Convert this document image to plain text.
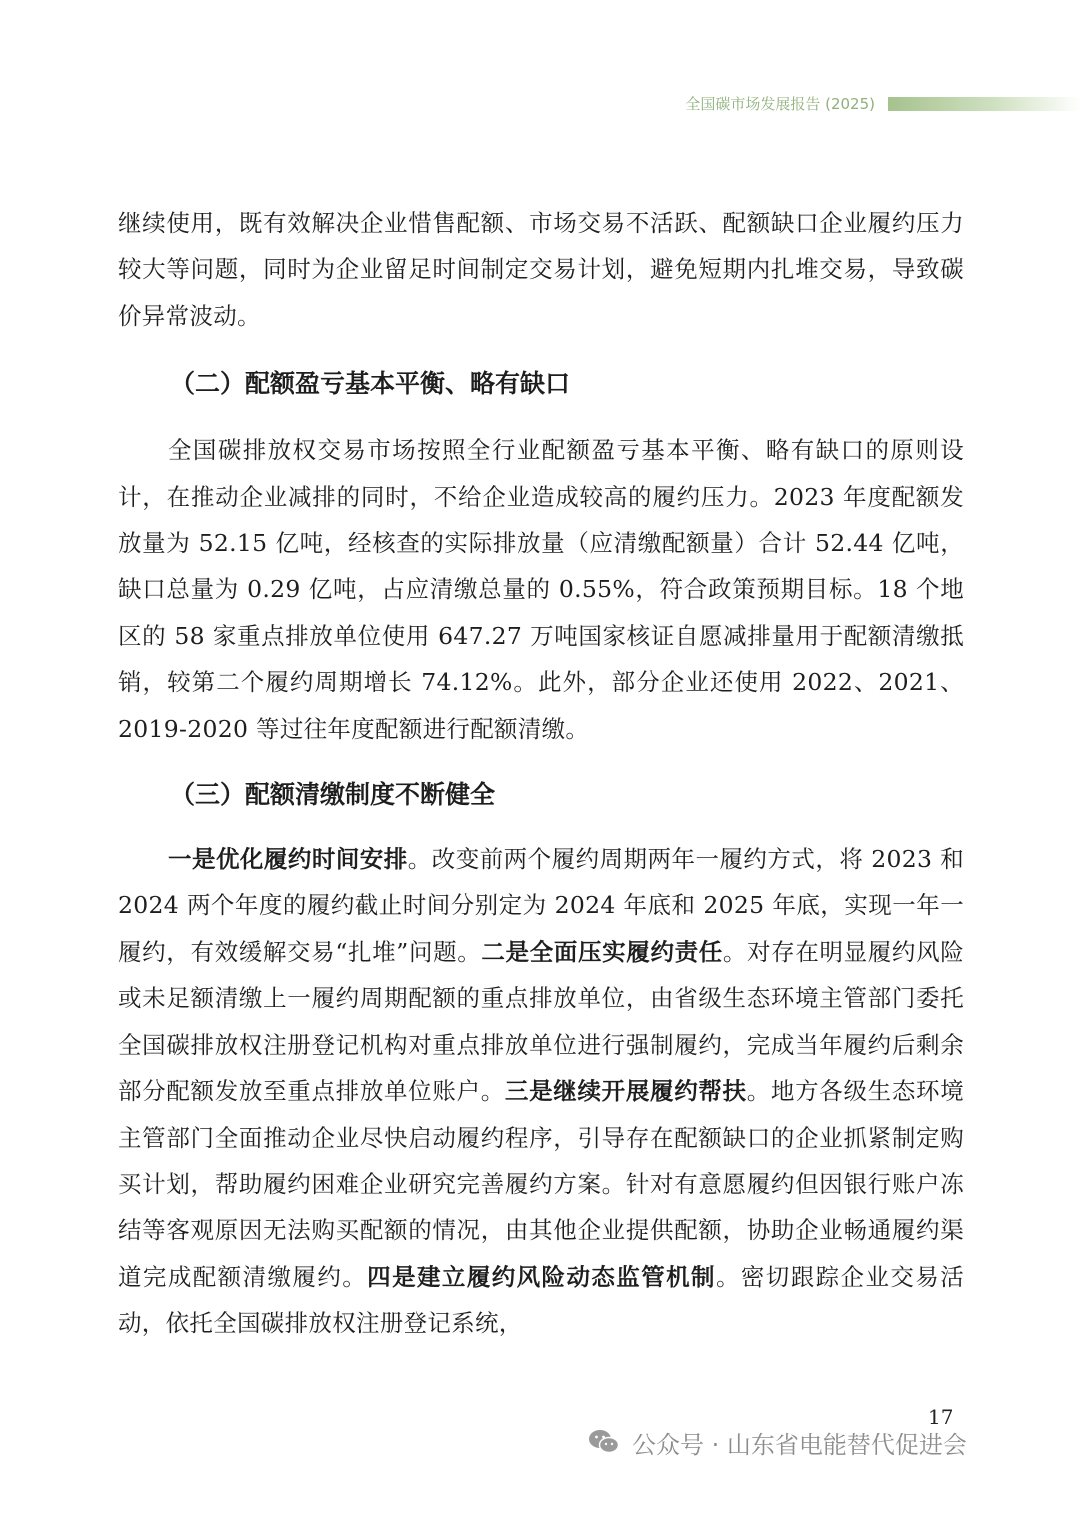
全国碳市场发展报告 (2025)

继续使用，既有效解决企业惜售配额、市场交易不活跃、配额缺口企业履约压力较大等问题，同时为企业留足时间制定交易计划，避免短期内扎堆交易，导致碳价异常波动。

（二）配额盈亏基本平衡、略有缺口

全国碳排放权交易市场按照全行业配额盈亏基本平衡、略有缺口的原则设计，在推动企业减排的同时，不给企业造成较高的履约压力。2023 年度配额发放量为 52.15 亿吨，经核查的实际排放量（应清缴配额量）合计 52.44 亿吨，缺口总量为 0.29 亿吨，占应清缴总量的 0.55%，符合政策预期目标。18 个地区的 58 家重点排放单位使用 647.27 万吨国家核证自愿减排量用于配额清缴抵销，较第二个履约周期增长 74.12%。此外，部分企业还使用 2022、2021、2019-2020 等过往年度配额进行配额清缴。

（三）配额清缴制度不断健全

一是优化履约时间安排。改变前两个履约周期两年一履约方式，将 2023 和 2024 两个年度的履约截止时间分别定为 2024 年底和 2025 年底，实现一年一履约，有效缓解交易“扎堆”问题。二是全面压实履约责任。对存在明显履约风险或未足额清缴上一履约周期配额的重点排放单位，由省级生态环境主管部门委托全国碳排放权注册登记机构对重点排放单位进行强制履约，完成当年履约后剩余部分配额发放至重点排放单位账户。三是继续开展履约帮扶。地方各级生态环境主管部门全面推动企业尽快启动履约程序，引导存在配额缺口的企业抓紧制定购买计划，帮助履约困难企业研究完善履约方案。针对有意愿履约但因银行账户冻结等客观原因无法购买配额的情况，由其他企业提供配额，协助企业畅通履约渠道完成配额清缴履约。四是建立履约风险动态监管机制。密切跟踪企业交易活动，依托全国碳排放权注册登记系统，

17
公众号 · 山东省电能替代促进会
